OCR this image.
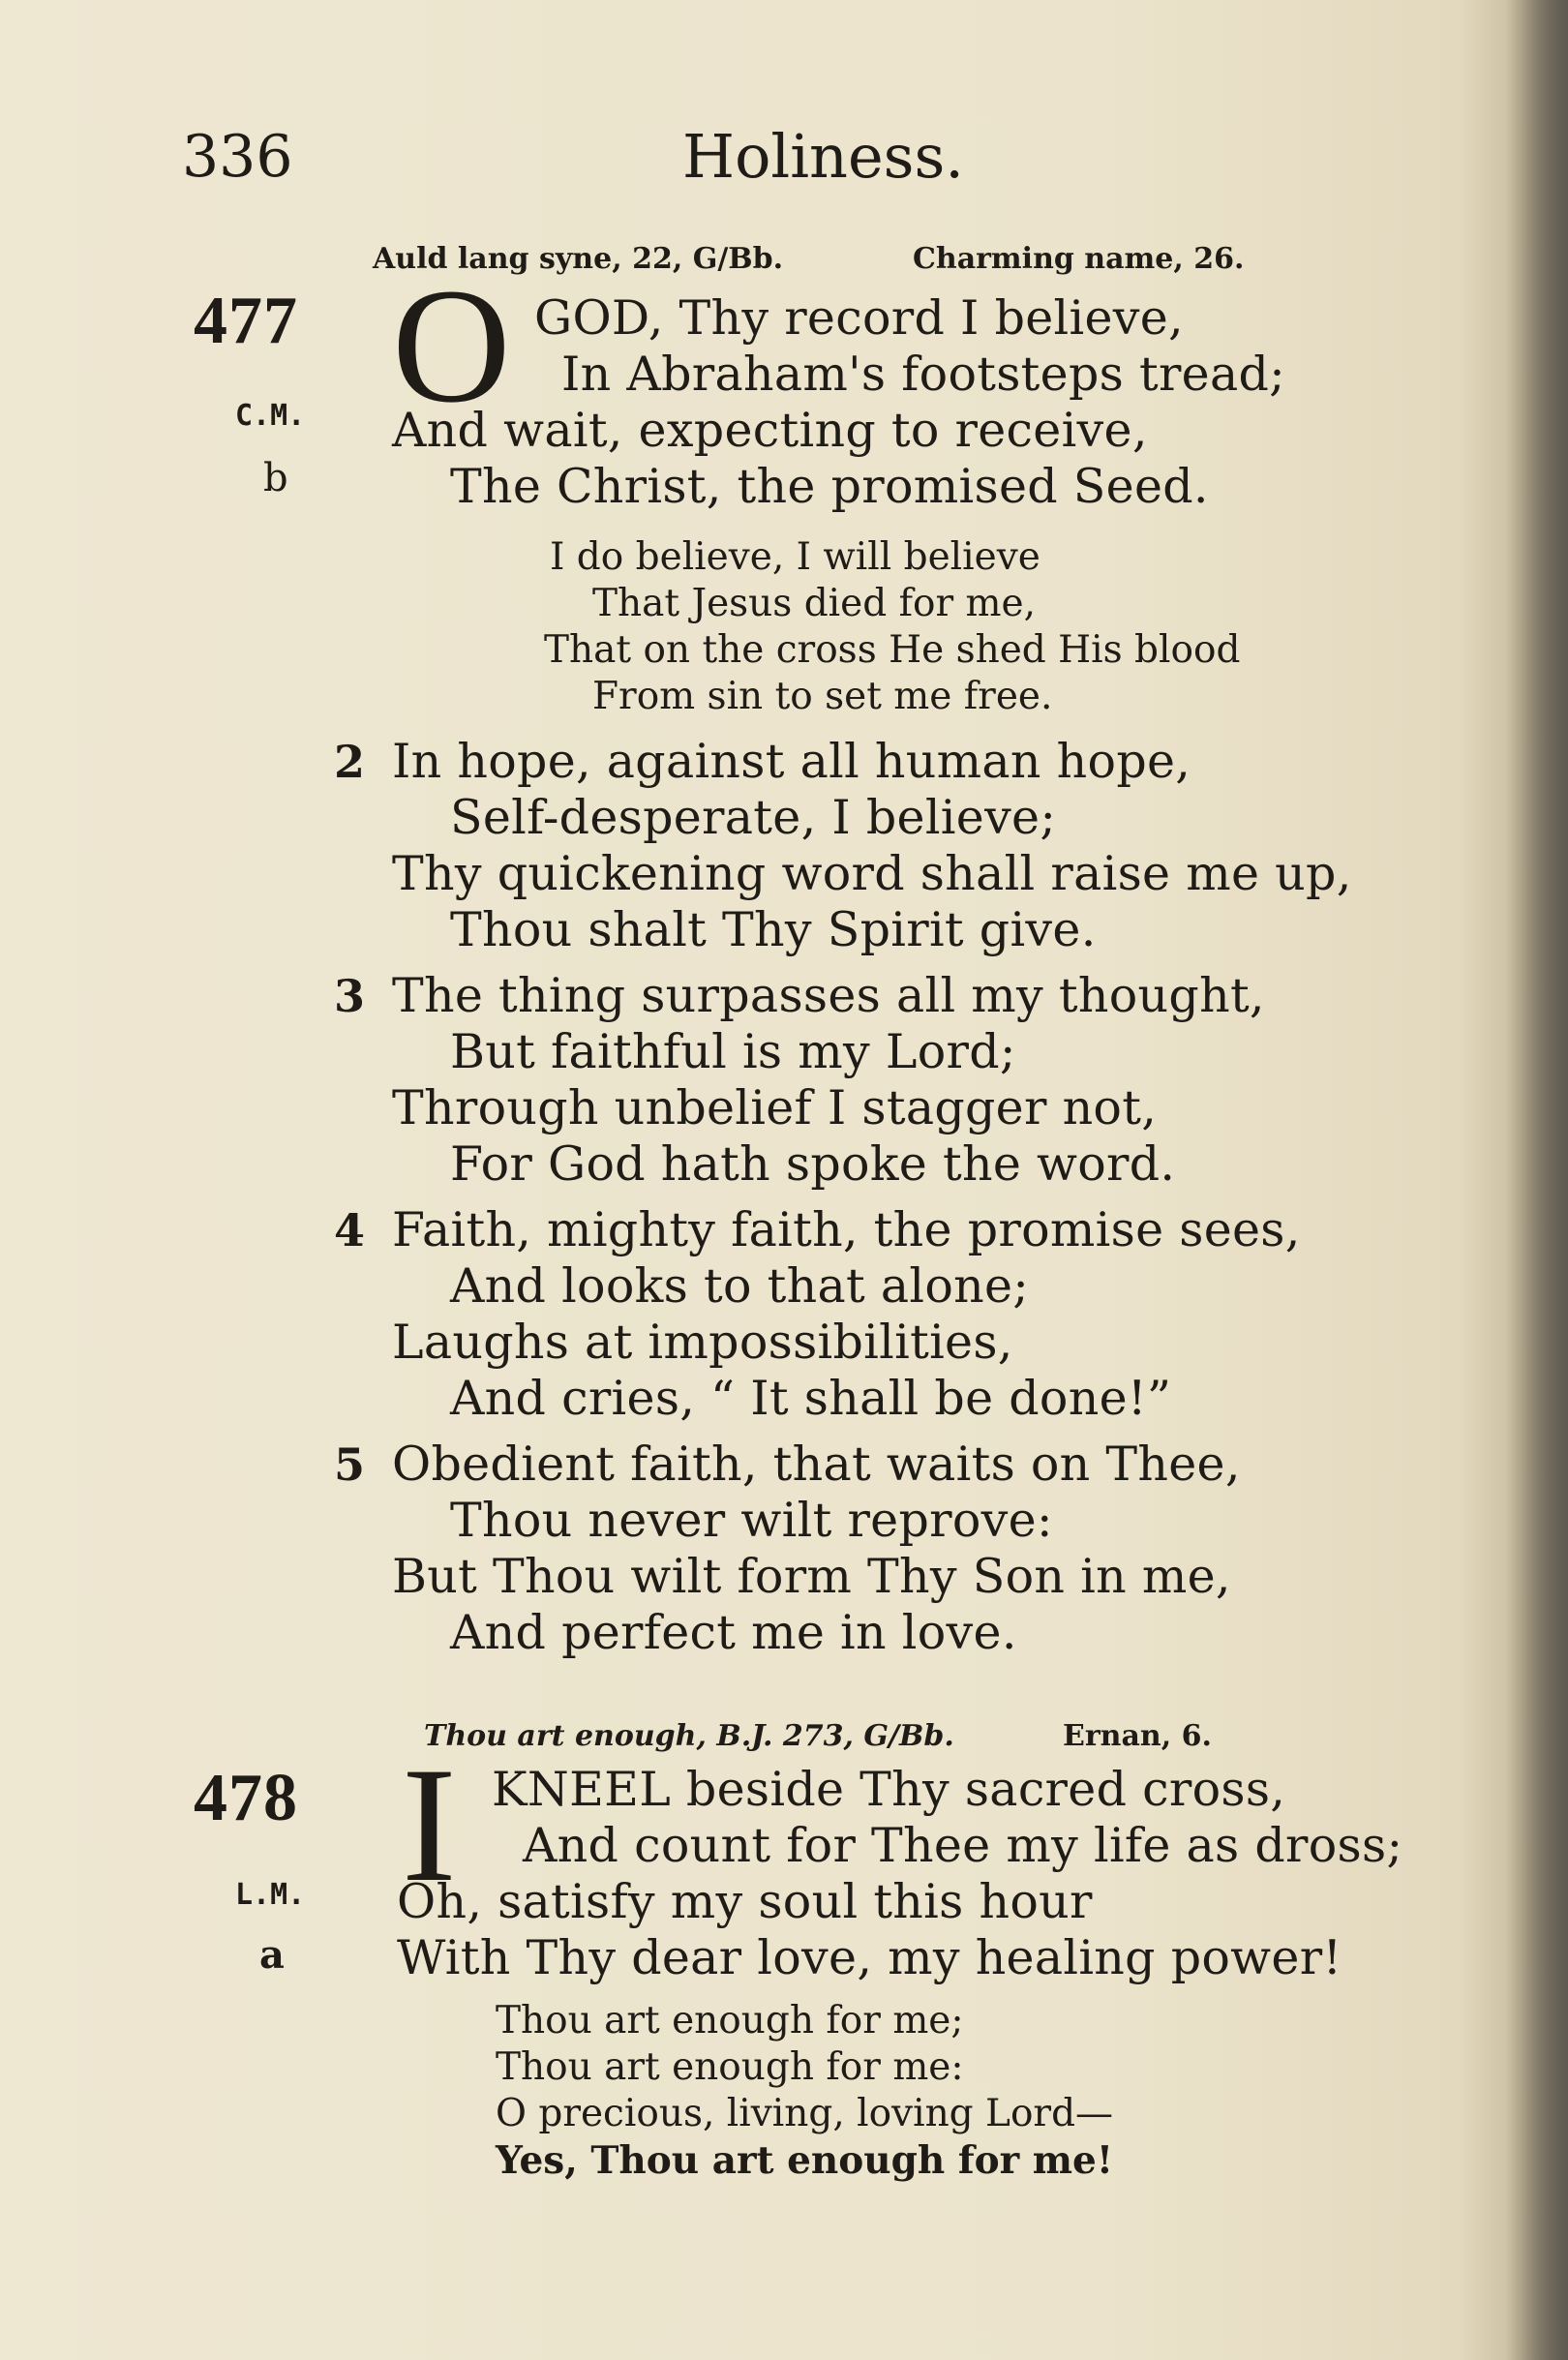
336	Holiness.
Auld lang syne, 22, G/Bb.	Charming name, 26.
477
C.M.
b
O GOD, Thy record I believe,
In Abraham's footsteps tread;
And wait, expecting to receive,
The Christ, the promised Seed.
I do believe, I will believe
That Jesus died for me,
That on the cross He shed His blood
From sin to set me free.
2 In hope, against all human hope,
Self-desperate, I believe;
Thy quickening word shall raise me up,
Thou shalt Thy Spirit give.
3 The thing surpasses all my thought,
But faithful is my Lord;
Through unbelief I stagger not,
For God hath spoke the word.
4 Faith, mighty faith, the promise sees,
And looks to that alone;
Laughs at impossibilities,
And cries, “ It shall be done!”
5 Obedient faith, that waits on Thee,
Thou never wilt reprove:
But Thou wilt form Thy Son in me,
And perfect me in love.
Thou art enough, B.J. 273, G/Bb.	Ernan, 6.
478
L.M.
a
I KNEEL beside Thy sacred cross,
And count for Thee my life as dross;
Oh, satisfy my soul this hour
With Thy dear love, my healing power!
Thou art enough for me;
Thou art enough for me:
O precious, living, loving Lord—
Yes, Thou art enough for me!
